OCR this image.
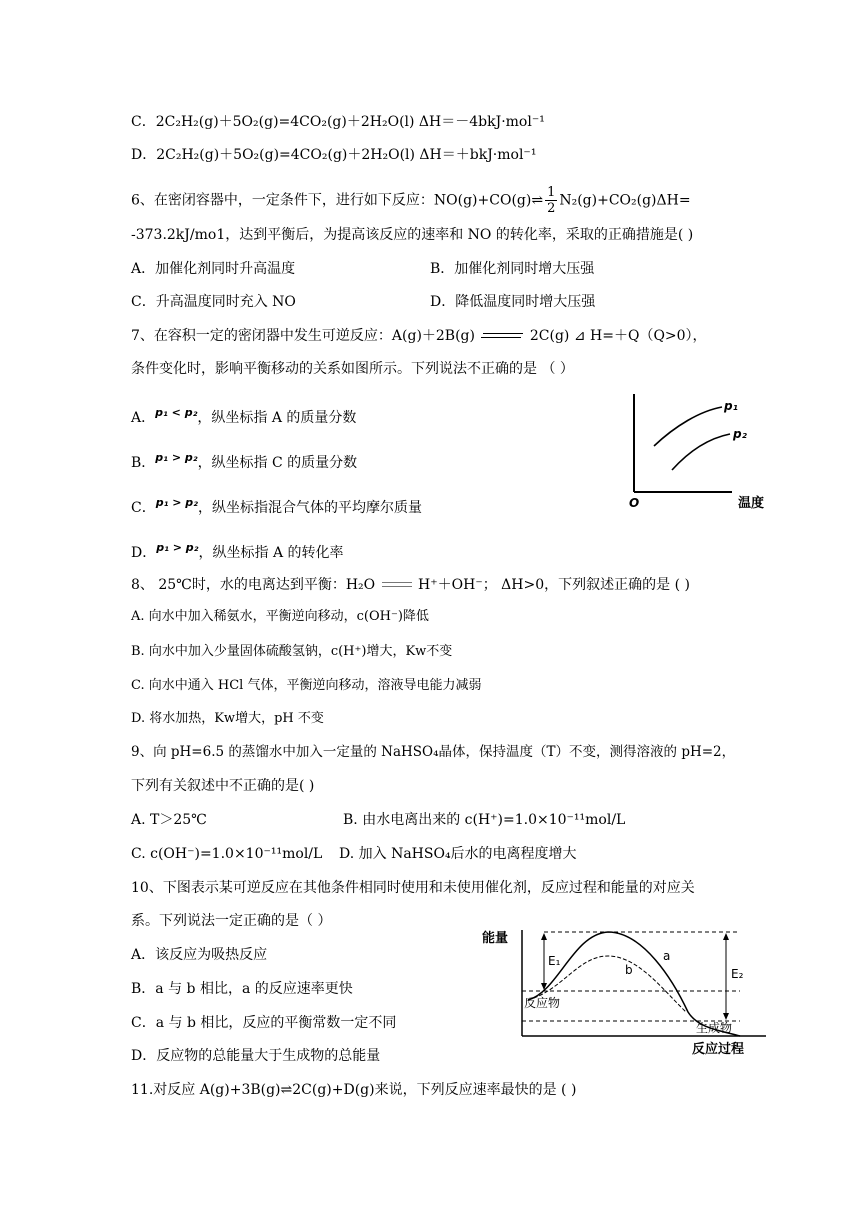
C．2C₂H₂(g)＋5O₂(g)=4CO₂(g)＋2H₂O(l) ΔH＝－4bkJ·mol⁻¹
D．2C₂H₂(g)＋5O₂(g)=4CO₂(g)＋2H₂O(l) ΔH＝＋bkJ·mol⁻¹
6、在密闭容器中，一定条件下，进行如下反应：NO(g)+CO(g)⇌ $\frac{1}{2} N_2(g)+CO_2(g)\Delta H=$
-373.2kJ/mo1，达到平衡后，为提高该反应的速率和 NO 的转化率，采取的正确措施是( )
A．加催化剂同时升高温度	B．加催化剂同时增大压强
C．升高温度同时充入 NO	D．降低温度同时增大压强
7、在容积一定的密闭器中发生可逆反应：A(g)＋2B(g)	2C(g) ⊿ H=＋Q（Q>0），
条件变化时，影响平衡移动的关系如图所示。下列说法不正确的是 （ ）
A．$^{p_1 < p_2}$，纵坐标指 A 的质量分数
B．$^{p_1 > p_2}$，纵坐标指 C 的质量分数
C．$^{p_1 > p_2}$，纵坐标指混合气体的平均摩尔质量
D．$^{p_1 > p_2}$，纵坐标指 A 的转化率
O	温度
p₁
p₂
8、 25℃时，水的电离达到平衡：H₂O	H⁺＋OH⁻； ΔH>0，下列叙述正确的是 ( )
A. 向水中加入稀氨水，平衡逆向移动，c(OH⁻)降低
B. 向水中加入少量固体硫酸氢钠，c(H⁺)增大，Kw不变
C. 向水中通入 HCl 气体，平衡逆向移动，溶液导电能力减弱
D. 将水加热，Kw增大，pH 不变
9、向 pH=6.5 的蒸馏水中加入一定量的 NaHSO₄晶体，保持温度（T）不变，测得溶液的 pH=2，
下列有关叙述中不正确的是( )
A. T＞25℃	B. 由水电离出来的 c(H⁺)=1.0×10⁻¹¹mol/L
C. c(OH⁻)=1.0×10⁻¹¹mol/L D. 加入 NaHSO₄后水的电离程度增大
10、下图表示某可逆反应在其他条件相同时使用和未使用催化剂，反应过程和能量的对应关
系。下列说法一定正确的是（ ）
A．该反应为吸热反应
B．a 与 b 相比，a 的反应速率更快
C．a 与 b 相比，反应的平衡常数一定不同
D．反应物的总能量大于生成物的总能量
能量
反应过程
E₁
E₂
a
b
反应物
生成物
11.对反应 A(g)+3B(g)⇌2C(g)+D(g)来说，下列反应速率最快的是 ( )
